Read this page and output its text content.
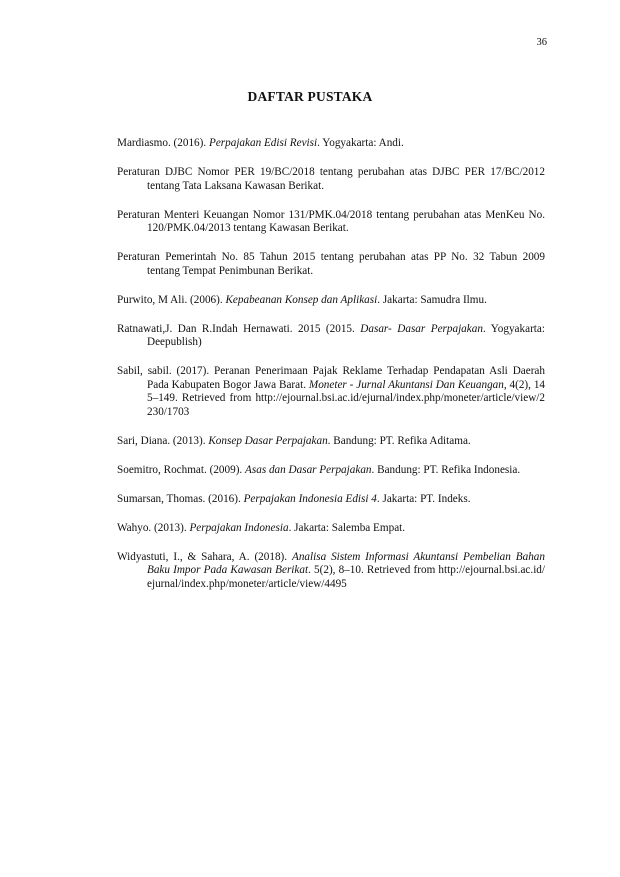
36
DAFTAR PUSTAKA

Mardiasmo. (2016). Perpajakan Edisi Revisi. Yogyakarta: Andi.

Peraturan DJBC Nomor PER 19/BC/2018 tentang perubahan atas DJBC PER 17/BC/2012 tentang Tata Laksana Kawasan Berikat.

Peraturan Menteri Keuangan Nomor 131/PMK.04/2018 tentang perubahan atas MenKeu No. 120/PMK.04/2013 tentang Kawasan Berikat.

Peraturan Pemerintah No. 85 Tahun 2015 tentang perubahan atas PP No. 32 Tabun 2009 tentang Tempat Penimbunan Berikat.

Purwito, M Ali. (2006). Kepabeanan Konsep dan Aplikasi. Jakarta: Samudra Ilmu.

Ratnawati,J. Dan R.Indah Hernawati. 2015 (2015. Dasar- Dasar Perpajakan. Yogyakarta: Deepublish)

Sabil, sabil. (2017). Peranan Penerimaan Pajak Reklame Terhadap Pendapatan Asli Daerah Pada Kabupaten Bogor Jawa Barat. Moneter - Jurnal Akuntansi Dan Keuangan, 4(2), 145–149. Retrieved from http://ejournal.bsi.ac.id/ejurnal/index.php/moneter/article/view/2230/1703

Sari, Diana. (2013). Konsep Dasar Perpajakan. Bandung: PT. Refika Aditama.

Soemitro, Rochmat. (2009). Asas dan Dasar Perpajakan. Bandung: PT. Refika Indonesia.

Sumarsan, Thomas. (2016). Perpajakan Indonesia Edisi 4. Jakarta: PT. Indeks.

Wahyo. (2013). Perpajakan Indonesia. Jakarta: Salemba Empat.

Widyastuti, I., & Sahara, A. (2018). Analisa Sistem Informasi Akuntansi Pembelian Bahan Baku Impor Pada Kawasan Berikat. 5(2), 8–10. Retrieved from http://ejournal.bsi.ac.id/ejurnal/index.php/moneter/article/view/4495
